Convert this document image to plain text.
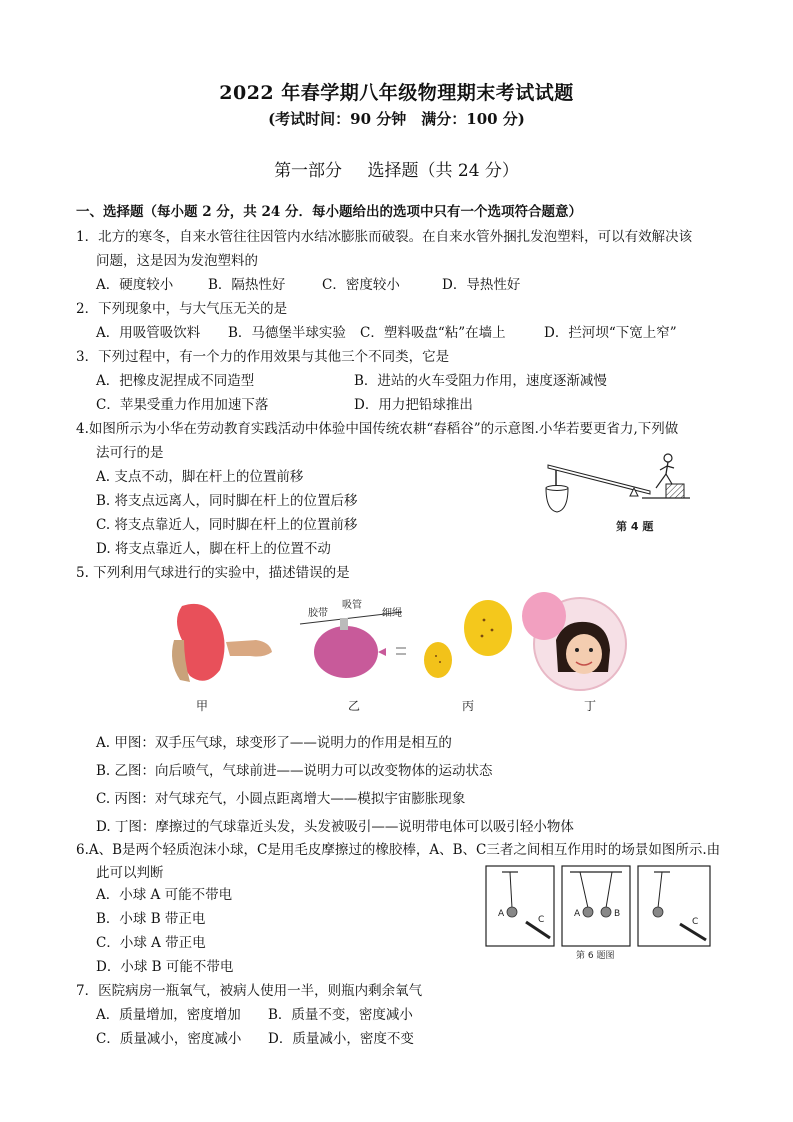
2022 年春学期八年级物理期末考试试题
(考试时间：90 分钟　满分：100 分)
第一部分 选择题（共 24 分）
一、选择题（每小题 2 分，共 24 分．每小题给出的选项中只有一个选项符合题意）
1．北方的寒冬，自来水管往往因管内水结冰膨胀而破裂。在自来水管外捆扎发泡塑料，可以有效解决该
问题，这是因为发泡塑料的
A．硬度较小	B．隔热性好	C．密度较小	D．导热性好
2．下列现象中，与大气压无关的是
A．用吸管吸饮料 B．马德堡半球实验 C．塑料吸盘“粘”在墙上	D．拦河坝“下宽上窄”
3．下列过程中，有一个力的作用效果与其他三个不同类，它是
A．把橡皮泥捏成不同造型	B．进站的火车受阻力作用，速度逐渐减慢
C．苹果受重力作用加速下落	D．用力把铅球推出
4.如图所示为小华在劳动教育实践活动中体验中国传统农耕“舂稻谷”的示意图.小华若要更省力,下列做
法可行的是
A. 支点不动，脚在杆上的位置前移
B. 将支点远离人，同时脚在杆上的位置后移
C. 将支点靠近人，同时脚在杆上的位置前移
D. 将支点靠近人，脚在杆上的位置不动
第 4 题
5. 下列利用气球进行的实验中，描述错误的是
甲
胶带
吸管
细绳
乙	丙	丁
A. 甲图：双手压气球，球变形了——说明力的作用是相互的
B. 乙图：向后喷气，气球前进——说明力可以改变物体的运动状态
C. 丙图：对气球充气，小圆点距离增大——模拟宇宙膨胀现象
D. 丁图：摩擦过的气球靠近头发，头发被吸引——说明带电体可以吸引轻小物体
6.A、B是两个轻质泡沫小球，C是用毛皮摩擦过的橡胶棒，A、B、C三者之间相互作用时的场景如图所示.由
此可以判断
A．小球 A 可能不带电
B．小球 B 带正电
C．小球 A 带正电
D．小球 B 可能不带电
A
C
A	B
C
第 6 题图
7．医院病房一瓶氧气，被病人使用一半，则瓶内剩余氧气
A．质量增加，密度增加 B．质量不变，密度减小
C．质量减小，密度减小 D．质量减小，密度不变
